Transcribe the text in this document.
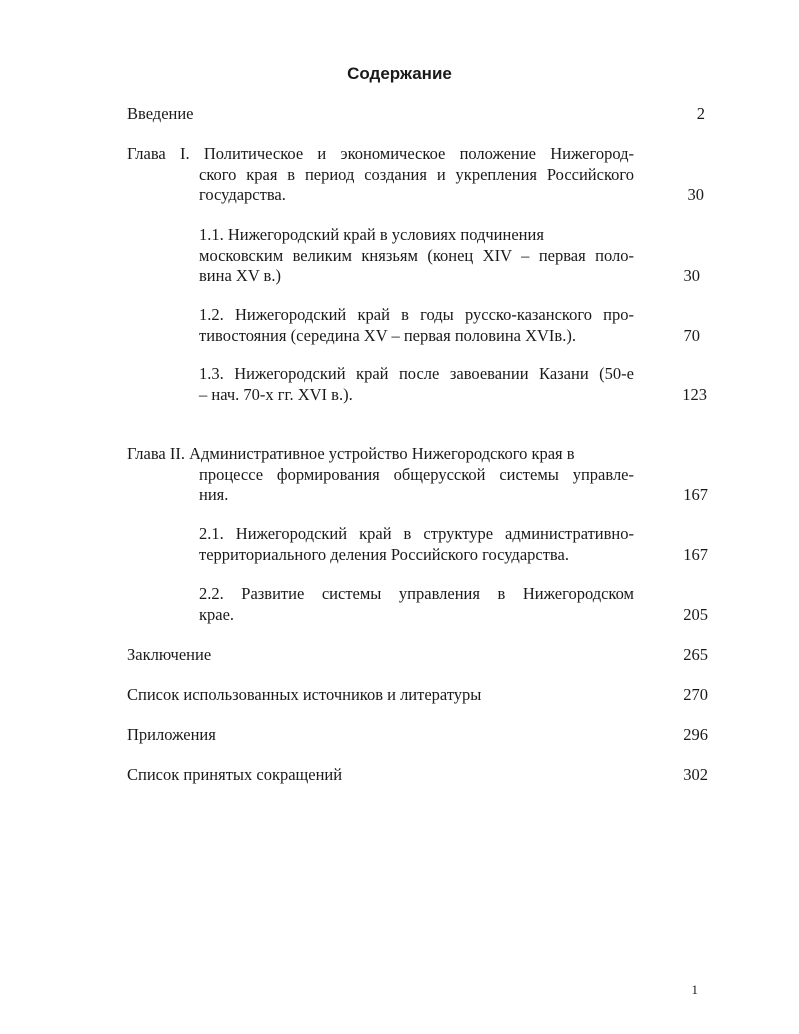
Содержание
Введение	2
Глава I. Политическое и экономическое положение Нижегород-
ского края в период создания и укрепления Российского
государства.	30
1.1. Нижегородский край в условиях подчинения
московским великим князьям (конец XIV – первая поло-
вина XV в.)	30
1.2. Нижегородский край в годы русско-казанского про-
тивостояния (середина XV – первая половина XVIв.).	70
1.3. Нижегородский край после завоевании Казани (50-е
– нач. 70-х гг. XVI в.).	123
Глава II. Административное устройство Нижегородского края в
процессе формирования общерусской системы управле-
ния.	167
2.1. Нижегородский край в структуре административно-
территориального деления Российского государства.	167
2.2. Развитие системы управления в Нижегородском
крае.	205
Заключение	265
Список использованных источников и литературы	270
Приложения	296
Список принятых сокращений	302
1
